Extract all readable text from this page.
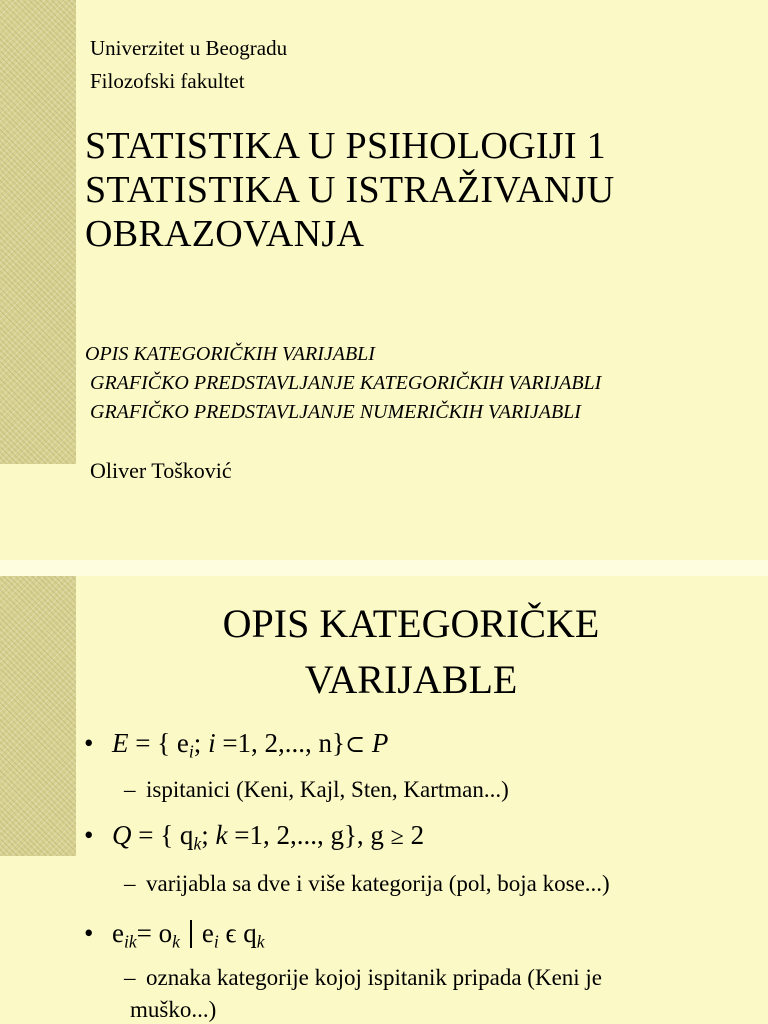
Univerzitet u Beogradu
Filozofski fakultet
STATISTIKA U PSIHOLOGIJI 1
STATISTIKA U ISTRAŽIVANJU
OBRAZOVANJA
OPIS KATEGORIČKIH VARIJABLI
GRAFIČKO PREDSTAVLJANJE KATEGORIČKIH VARIJABLI
GRAFIČKO PREDSTAVLJANJE NUMERIČKIH VARIJABLI
Oliver Tošković
OPIS KATEGORIČKE
VARIJABLE
• E = { $e_i$; i =1, 2,..., n}⊂ P
– ispitanici (Keni, Kajl, Sten, Kartman...)
• Q = { $q_k$; k =1, 2,..., g}, g ≥ 2
– varijabla sa dve i više kategorija (pol, boja kose...)
• $e_{ik}= o_k$ $e_i$ ϵ $q_k$
– oznaka kategorije kojoj ispitanik pripada (Keni je
muško...)
